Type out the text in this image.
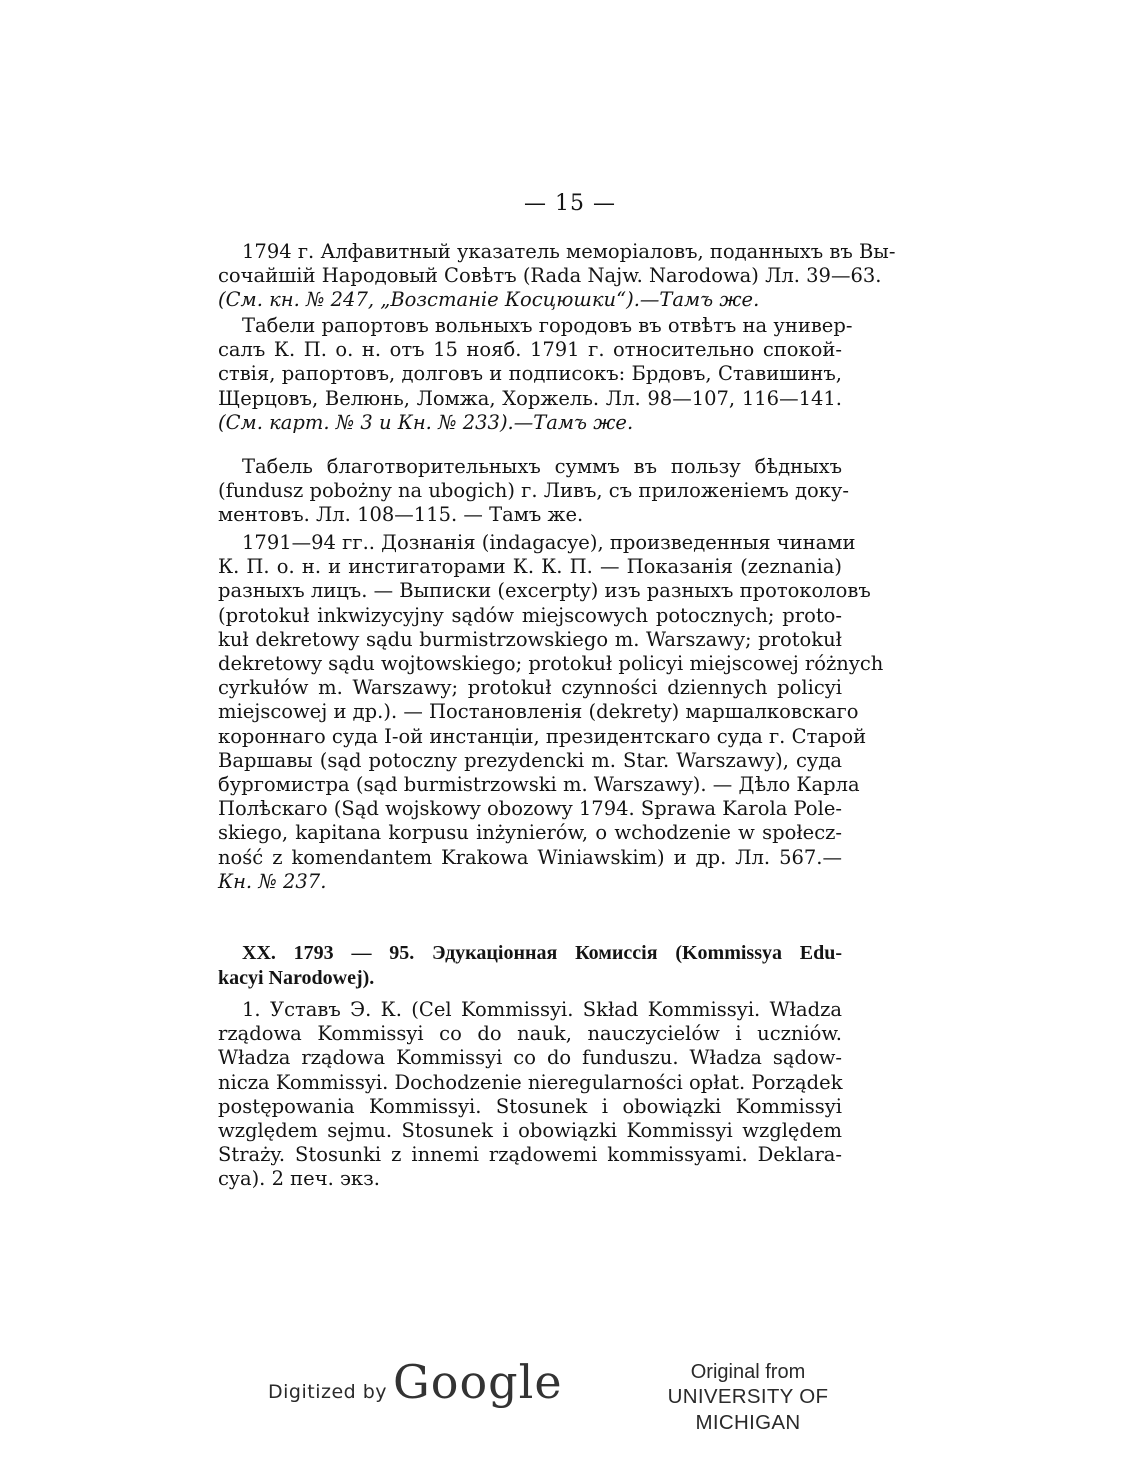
— 15 —

1794 г. Алфавитный указатель меморіаловъ, поданныхъ въ Вы-

сочайшій Народовый Совѣтъ (Rada Najw. Narodowa) Лл. 39—63.
(См. кн. № 247, „Возстаніе Косцюшки“).—Тамъ же.

Табели рапортовъ вольныхъ городовъ въ отвѣтъ на универ-

салъ К. П. о. н. отъ 15 нояб. 1791 г. относительно спокой-
ствія, рапортовъ, долговъ и подписокъ: Брдовъ, Ставишинъ,
Щерцовъ, Велюнь, Ломжа, Хоржель. Лл. 98—107, 116—141.
(См. карт. № 3 и Кн. № 233).—Тамъ же.

Табель благотворительныхъ суммъ въ пользу бѣдныхъ

(fundusz pobożny na ubogich) г. Ливъ, съ приложеніемъ доку-
ментовъ. Лл. 108—115. — Тамъ же.

1791—94 гг.. Дознанія (indagacye), произведенныя чинами

К. П. о. н. и инстигаторами К. К. П. — Показанія (zeznania)
разныхъ лицъ. — Выписки (excerpty) изъ разныхъ протоколовъ
(protokuł inkwizycyjny sądów miejscowych potocznych; proto-
kuł dekretowy sądu burmistrzowskiego m. Warszawy; protokuł
dekretowy sądu wojtowskiego; protokuł policyi miejscowej różnych
cyrkułów m. Warszawy; protokuł czynności dziennych policyi
miejscowej и др.). — Постановленія (dekrety) маршалковскаго
короннаго суда I-ой инстанціи, президентскаго суда г. Старой
Варшавы (sąd potoczny prezydencki m. Star. Warszawy), суда
бургомистра (sąd burmistrzowski m. Warszawy). — Дѣло Карла
Полѣскаго (Sąd wojskowy obozowy 1794. Sprawa Karola Pole-
skiego, kapitana korpusu inżynierów, o wchodzenie w społecz-
ność z komendantem Krakowa Winiawskim) и др. Лл. 567.—
Кн. № 237.

XX. 1793 — 95. Эдукаціонная Комиссія (Kommissya Edu-
kacyi Narodowej).

1. Уставъ Э. К. (Cel Kommissyi. Skład Kommissyi. Władza

rządowa Kommissyi co do nauk, nauczycielów i uczniów.
Władza rządowa Kommissyi co do funduszu. Władza sądow-
nicza Kommissyi. Dochodzenie nieregularności opłat. Porządek
postępowania Kommissyi. Stosunek i obowiązki Kommissyi
względem sejmu. Stosunek i obowiązki Kommissyi względem
Straży. Stosunki z innemi rządowemi kommissyami. Deklara-
cya). 2 печ. экз.

Digitized by Google	Original from
UNIVERSITY OF MICHIGAN
